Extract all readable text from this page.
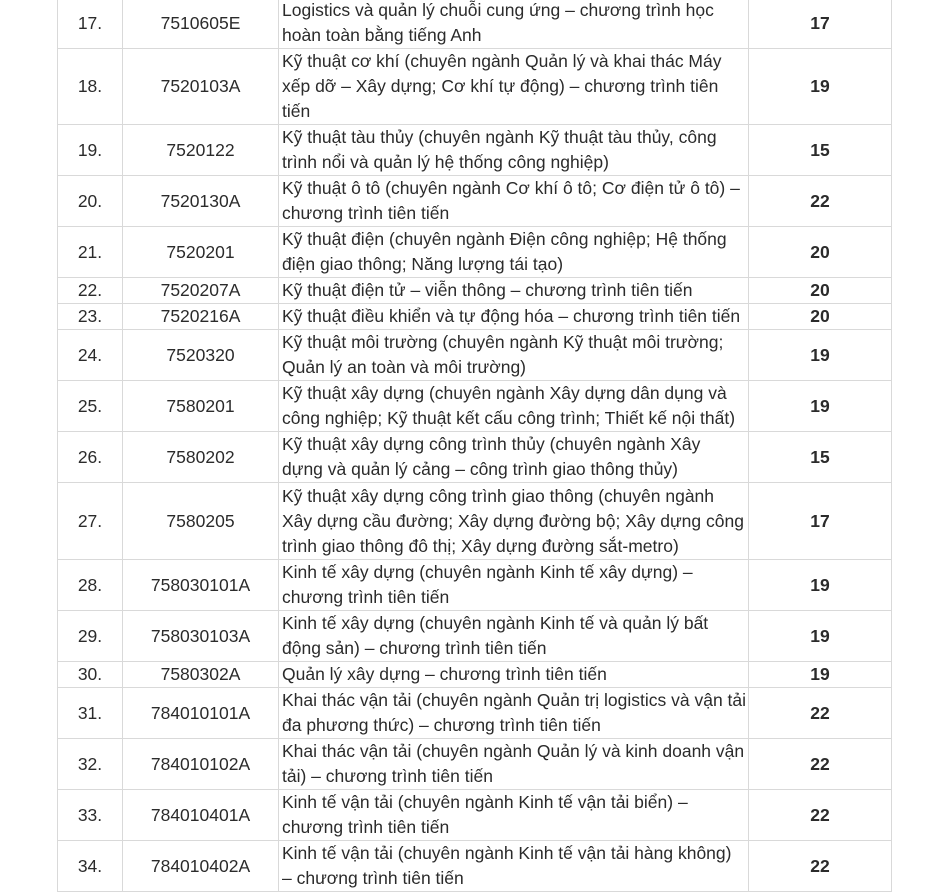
17.	7510605E	Logistics và quản lý chuỗi cung ứng – chương trình học hoàn toàn bằng tiếng Anh	17
18.	7520103A	Kỹ thuật cơ khí (chuyên ngành Quản lý và khai thác Máy xếp dỡ – Xây dựng; Cơ khí tự động) – chương trình tiên tiến	19
19.	7520122	Kỹ thuật tàu thủy (chuyên ngành Kỹ thuật tàu thủy, công trình nổi và quản lý hệ thống công nghiệp)	15
20.	7520130A	Kỹ thuật ô tô (chuyên ngành Cơ khí ô tô; Cơ điện tử ô tô) – chương trình tiên tiến	22
21.	7520201	Kỹ thuật điện (chuyên ngành Điện công nghiệp; Hệ thống điện giao thông; Năng lượng tái tạo)	20
22.	7520207A	Kỹ thuật điện tử – viễn thông – chương trình tiên tiến	20
23.	7520216A	Kỹ thuật điều khiển và tự động hóa – chương trình tiên tiến	20
24.	7520320	Kỹ thuật môi trường (chuyên ngành Kỹ thuật môi trường; Quản lý an toàn và môi trường)	19
25.	7580201	Kỹ thuật xây dựng (chuyên ngành Xây dựng dân dụng và công nghiệp; Kỹ thuật kết cấu công trình; Thiết kế nội thất)	19
26.	7580202	Kỹ thuật xây dựng công trình thủy (chuyên ngành Xây dựng và quản lý cảng – công trình giao thông thủy)	15
27.	7580205	Kỹ thuật xây dựng công trình giao thông (chuyên ngành Xây dựng cầu đường; Xây dựng đường bộ; Xây dựng công trình giao thông đô thị; Xây dựng đường sắt-metro)	17
28.	758030101A	Kinh tế xây dựng (chuyên ngành Kinh tế xây dựng) – chương trình tiên tiến	19
29.	758030103A	Kinh tế xây dựng (chuyên ngành Kinh tế và quản lý bất động sản) – chương trình tiên tiến	19
30.	7580302A	Quản lý xây dựng – chương trình tiên tiến	19
31.	784010101A	Khai thác vận tải (chuyên ngành Quản trị logistics và vận tải đa phương thức) – chương trình tiên tiến	22
32.	784010102A	Khai thác vận tải (chuyên ngành Quản lý và kinh doanh vận tải) – chương trình tiên tiến	22
33.	784010401A	Kinh tế vận tải (chuyên ngành Kinh tế vận tải biển) – chương trình tiên tiến	22
34.	784010402A	Kinh tế vận tải (chuyên ngành Kinh tế vận tải hàng không) – chương trình tiên tiến	22
